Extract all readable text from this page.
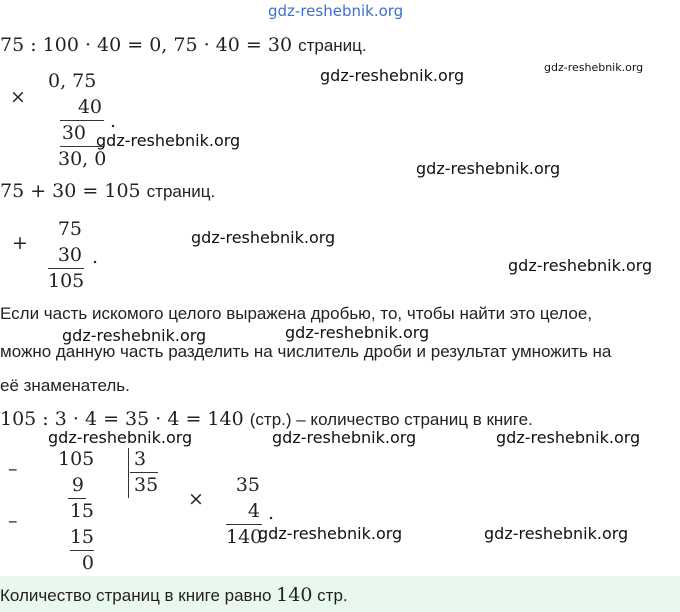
gdz-reshebnik.org
75 : 100 · 40 = 0, 75 · 40 = 30 страниц.
×
0, 75
40
30
.
30, 0
75 + 30 = 105 страниц.
+
75
30
105
.
Если часть искомого целого выражена дробью, то, чтобы найти это целое,
можно данную часть разделить на числитель дроби и результат умножить на
её знаменатель.
105 : 3 · 4 = 35 · 4 = 140 (стр.) – количество страниц в книге.
– 105
9
15
–
15
0
3
35
×
35
4
140
.
Количество страниц в книге равно 140 стр.
gdz-reshebnik.org	gdz-reshebnik.org
gdz-reshebnik.org
gdz-reshebnik.org
gdz-reshebnik.org
gdz-reshebnik.org
gdz-reshebnik.org	gdz-reshebnik.org
gdz-reshebnik.org	gdz-reshebnik.org	gdz-reshebnik.org
gdz-reshebnik.org	gdz-reshebnik.org
